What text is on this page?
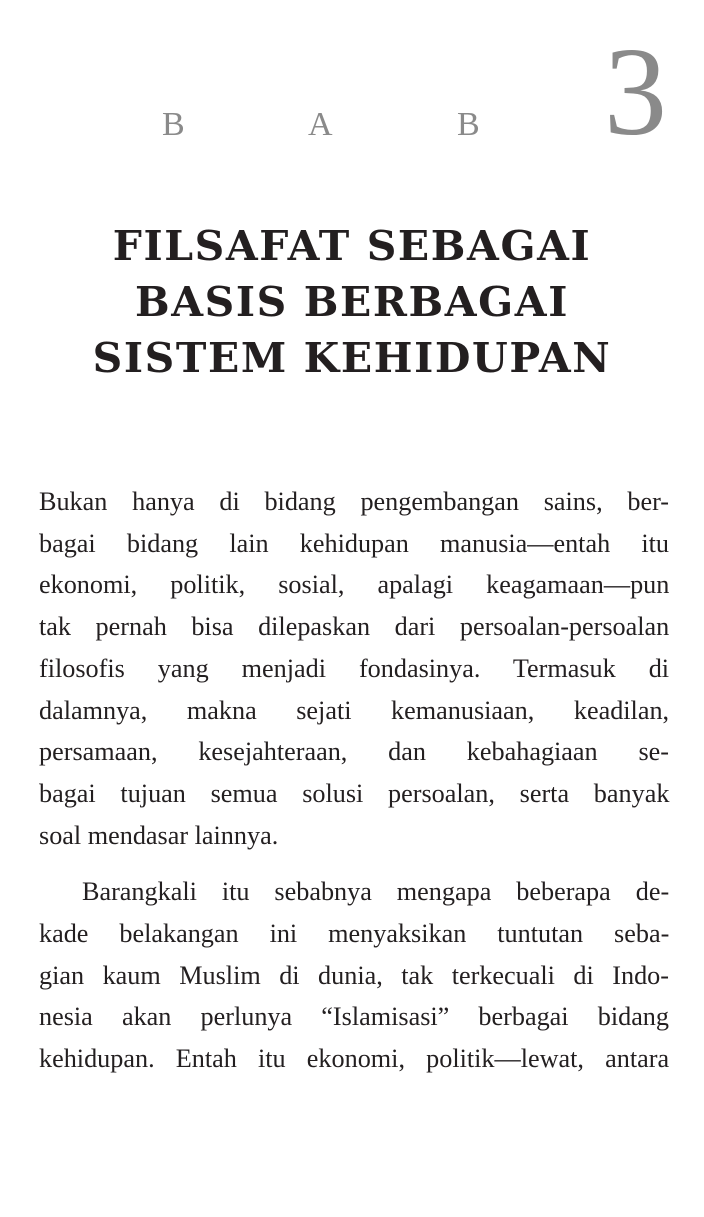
B	A	B 3
FILSAFAT SEBAGAI
BASIS BERBAGAI
SISTEM KEHIDUPAN

Bukan hanya di bidang pengembangan sains, ber-
bagai bidang lain kehidupan manusia—entah itu
ekonomi, politik, sosial, apalagi keagamaan—pun
tak pernah bisa dilepaskan dari persoalan-persoalan
filosofis yang menjadi fondasinya. Termasuk di
dalamnya, makna sejati kemanusiaan, keadilan,
persamaan, kesejahteraan, dan kebahagiaan se-
bagai tujuan semua solusi persoalan, serta banyak
soal mendasar lainnya.

Barangkali itu sebabnya mengapa beberapa de-
kade belakangan ini menyaksikan tuntutan seba-
gian kaum Muslim di dunia, tak terkecuali di Indo-
nesia akan perlunya “Islamisasi” berbagai bidang
kehidupan. Entah itu ekonomi, politik—lewat, antara
